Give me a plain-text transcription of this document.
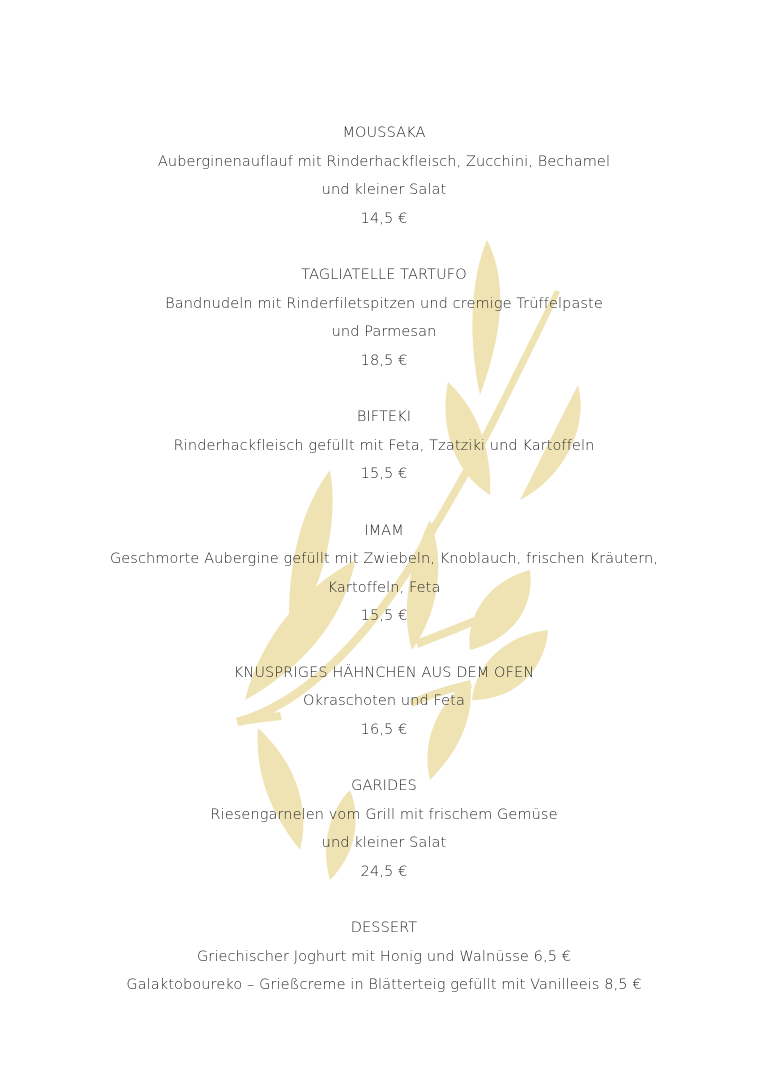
MOUSSAKA
Auberginenauflauf mit Rinderhackfleisch, Zucchini, Bechamel
und kleiner Salat
14,5 €
TAGLIATELLE TARTUFO
Bandnudeln mit Rinderfiletspitzen und cremige Trüffelpaste
und Parmesan
18,5 €
BIFTEKI
Rinderhackfleisch gefüllt mit Feta, Tzatziki und Kartoffeln
15,5 €
IMAM
Geschmorte Aubergine gefüllt mit Zwiebeln, Knoblauch, frischen Kräutern,
Kartoffeln, Feta
15,5 €
KNUSPRIGES HÄHNCHEN AUS DEM OFEN
Okraschoten und Feta
16,5 €
GARIDES
Riesengarnelen vom Grill mit frischem Gemüse
und kleiner Salat
24,5 €
DESSERT
Griechischer Joghurt mit Honig und Walnüsse 6,5 €
Galaktoboureko – Grießcreme in Blätterteig gefüllt mit Vanilleeis 8,5 €
